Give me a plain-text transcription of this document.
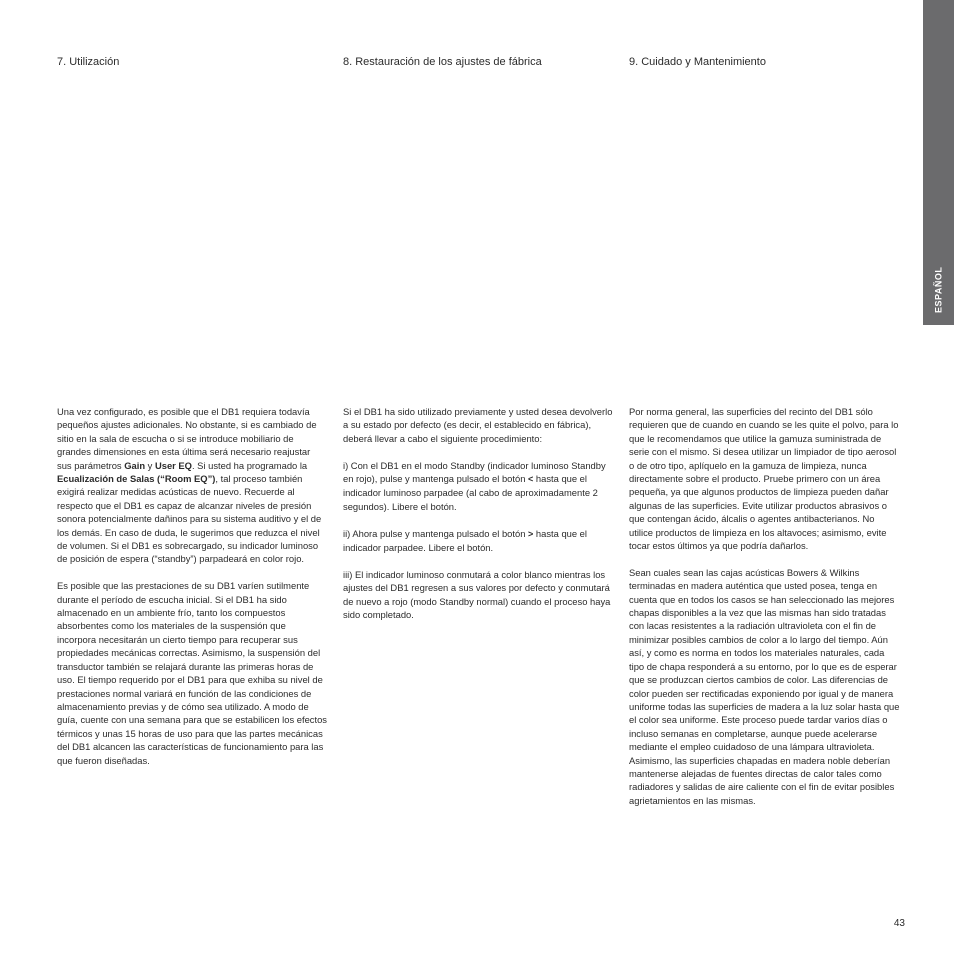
ESPAÑOL
7. Utilización	8. Restauración de los ajustes de fábrica	9. Cuidado y Mantenimiento

Una vez configurado, es posible que el DB1 requiera todavía pequeños ajustes adicionales. No obstante, si es cambiado de sitio en la sala de escucha o si se introduce mobiliario de grandes dimensiones en esta última será necesario reajustar sus parámetros Gain y User EQ. Si usted ha programado la Ecualización de Salas (“Room EQ”), tal proceso también exigirá realizar medidas acústicas de nuevo. Recuerde al respecto que el DB1 es capaz de alcanzar niveles de presión sonora potencialmente dañinos para su sistema auditivo y el de los demás. En caso de duda, le sugerimos que reduzca el nivel de volumen. Si el DB1 es sobrecargado, su indicador luminoso de posición de espera (“standby”) parpadeará en color rojo.

Es posible que las prestaciones de su DB1 varíen sutilmente durante el período de escucha inicial. Si el DB1 ha sido almacenado en un ambiente frío, tanto los compuestos absorbentes como los materiales de la suspensión que incorpora necesitarán un cierto tiempo para recuperar sus propiedades mecánicas correctas. Asimismo, la suspensión del transductor también se relajará durante las primeras horas de uso. El tiempo requerido por el DB1 para que exhiba su nivel de prestaciones normal variará en función de las condiciones de almacenamiento previas y de cómo sea utilizado. A modo de guía, cuente con una semana para que se estabilicen los efectos térmicos y unas 15 horas de uso para que las partes mecánicas del DB1 alcancen las características de funcionamiento para las que fueron diseñadas.

Si el DB1 ha sido utilizado previamente y usted desea devolverlo a su estado por defecto (es decir, el establecido en fábrica), deberá llevar a cabo el siguiente procedimiento:

i) Con el DB1 en el modo Standby (indicador luminoso Standby en rojo), pulse y mantenga pulsado el botón < hasta que el indicador luminoso parpadee (al cabo de aproximadamente 2 segundos). Libere el botón.

ii) Ahora pulse y mantenga pulsado el botón > hasta que el indicador parpadee. Libere el botón.

iii) El indicador luminoso conmutará a color blanco mientras los ajustes del DB1 regresen a sus valores por defecto y conmutará de nuevo a rojo (modo Standby normal) cuando el proceso haya sido completado.

Por norma general, las superficies del recinto del DB1 sólo requieren que de cuando en cuando se les quite el polvo, para lo que le recomendamos que utilice la gamuza suministrada de serie con el mismo. Si desea utilizar un limpiador de tipo aerosol o de otro tipo, aplíquelo en la gamuza de limpieza, nunca directamente sobre el producto. Pruebe primero con un área pequeña, ya que algunos productos de limpieza pueden dañar algunas de las superficies. Evite utilizar productos abrasivos o que contengan ácido, álcalis o agentes antibacterianos. No utilice productos de limpieza en los altavoces; asimismo, evite tocar estos últimos ya que podría dañarlos.

Sean cuales sean las cajas acústicas Bowers & Wilkins terminadas en madera auténtica que usted posea, tenga en cuenta que en todos los casos se han seleccionado las mejores chapas disponibles a la vez que las mismas han sido tratadas con lacas resistentes a la radiación ultravioleta con el fin de minimizar posibles cambios de color a lo largo del tiempo. Aún así, y como es norma en todos los materiales naturales, cada tipo de chapa responderá a su entorno, por lo que es de esperar que se produzcan ciertos cambios de color. Las diferencias de color pueden ser rectificadas exponiendo por igual y de manera uniforme todas las superficies de madera a la luz solar hasta que el color sea uniforme. Este proceso puede tardar varios días o incluso semanas en completarse, aunque puede acelerarse mediante el empleo cuidadoso de una lámpara ultravioleta. Asimismo, las superficies chapadas en madera noble deberían mantenerse alejadas de fuentes directas de calor tales como radiadores y salidas de aire caliente con el fin de evitar posibles agrietamientos en las mismas.

43
